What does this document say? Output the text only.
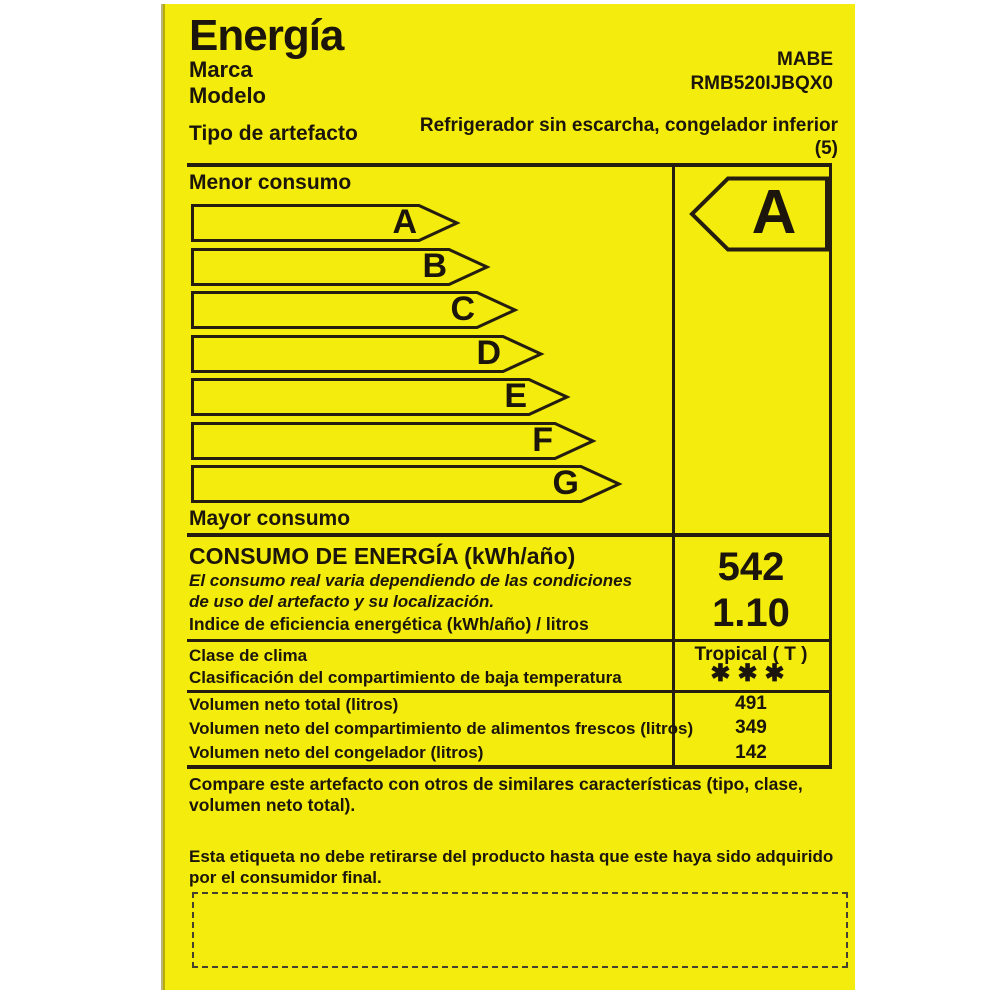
Energía
Marca
Modelo
MABE
RMB520IJBQX0
Tipo de artefacto	Refrigerador sin escarcha, congelador inferior (5)
Menor consumo
A
B
C
D
E
F
G
Mayor consumo
A
CONSUMO DE ENERGÍA (kWh/año)
El consumo real varia dependiendo de las condiciones
de uso del artefacto y su localización.
Indice de eficiencia energética (kWh/año) / litros
542
1.10
Clase de clima
Clasificación del compartimiento de baja temperatura
Tropical ( T )
✱✱✱
Volumen neto total (litros)
Volumen neto del compartimiento de alimentos frescos (litros)
Volumen neto del congelador (litros)
491
349
142
Compare este artefacto con otros de similares características (tipo, clase, volumen neto total).
Esta etiqueta no debe retirarse del producto hasta que este haya sido adquirido por el consumidor final.
